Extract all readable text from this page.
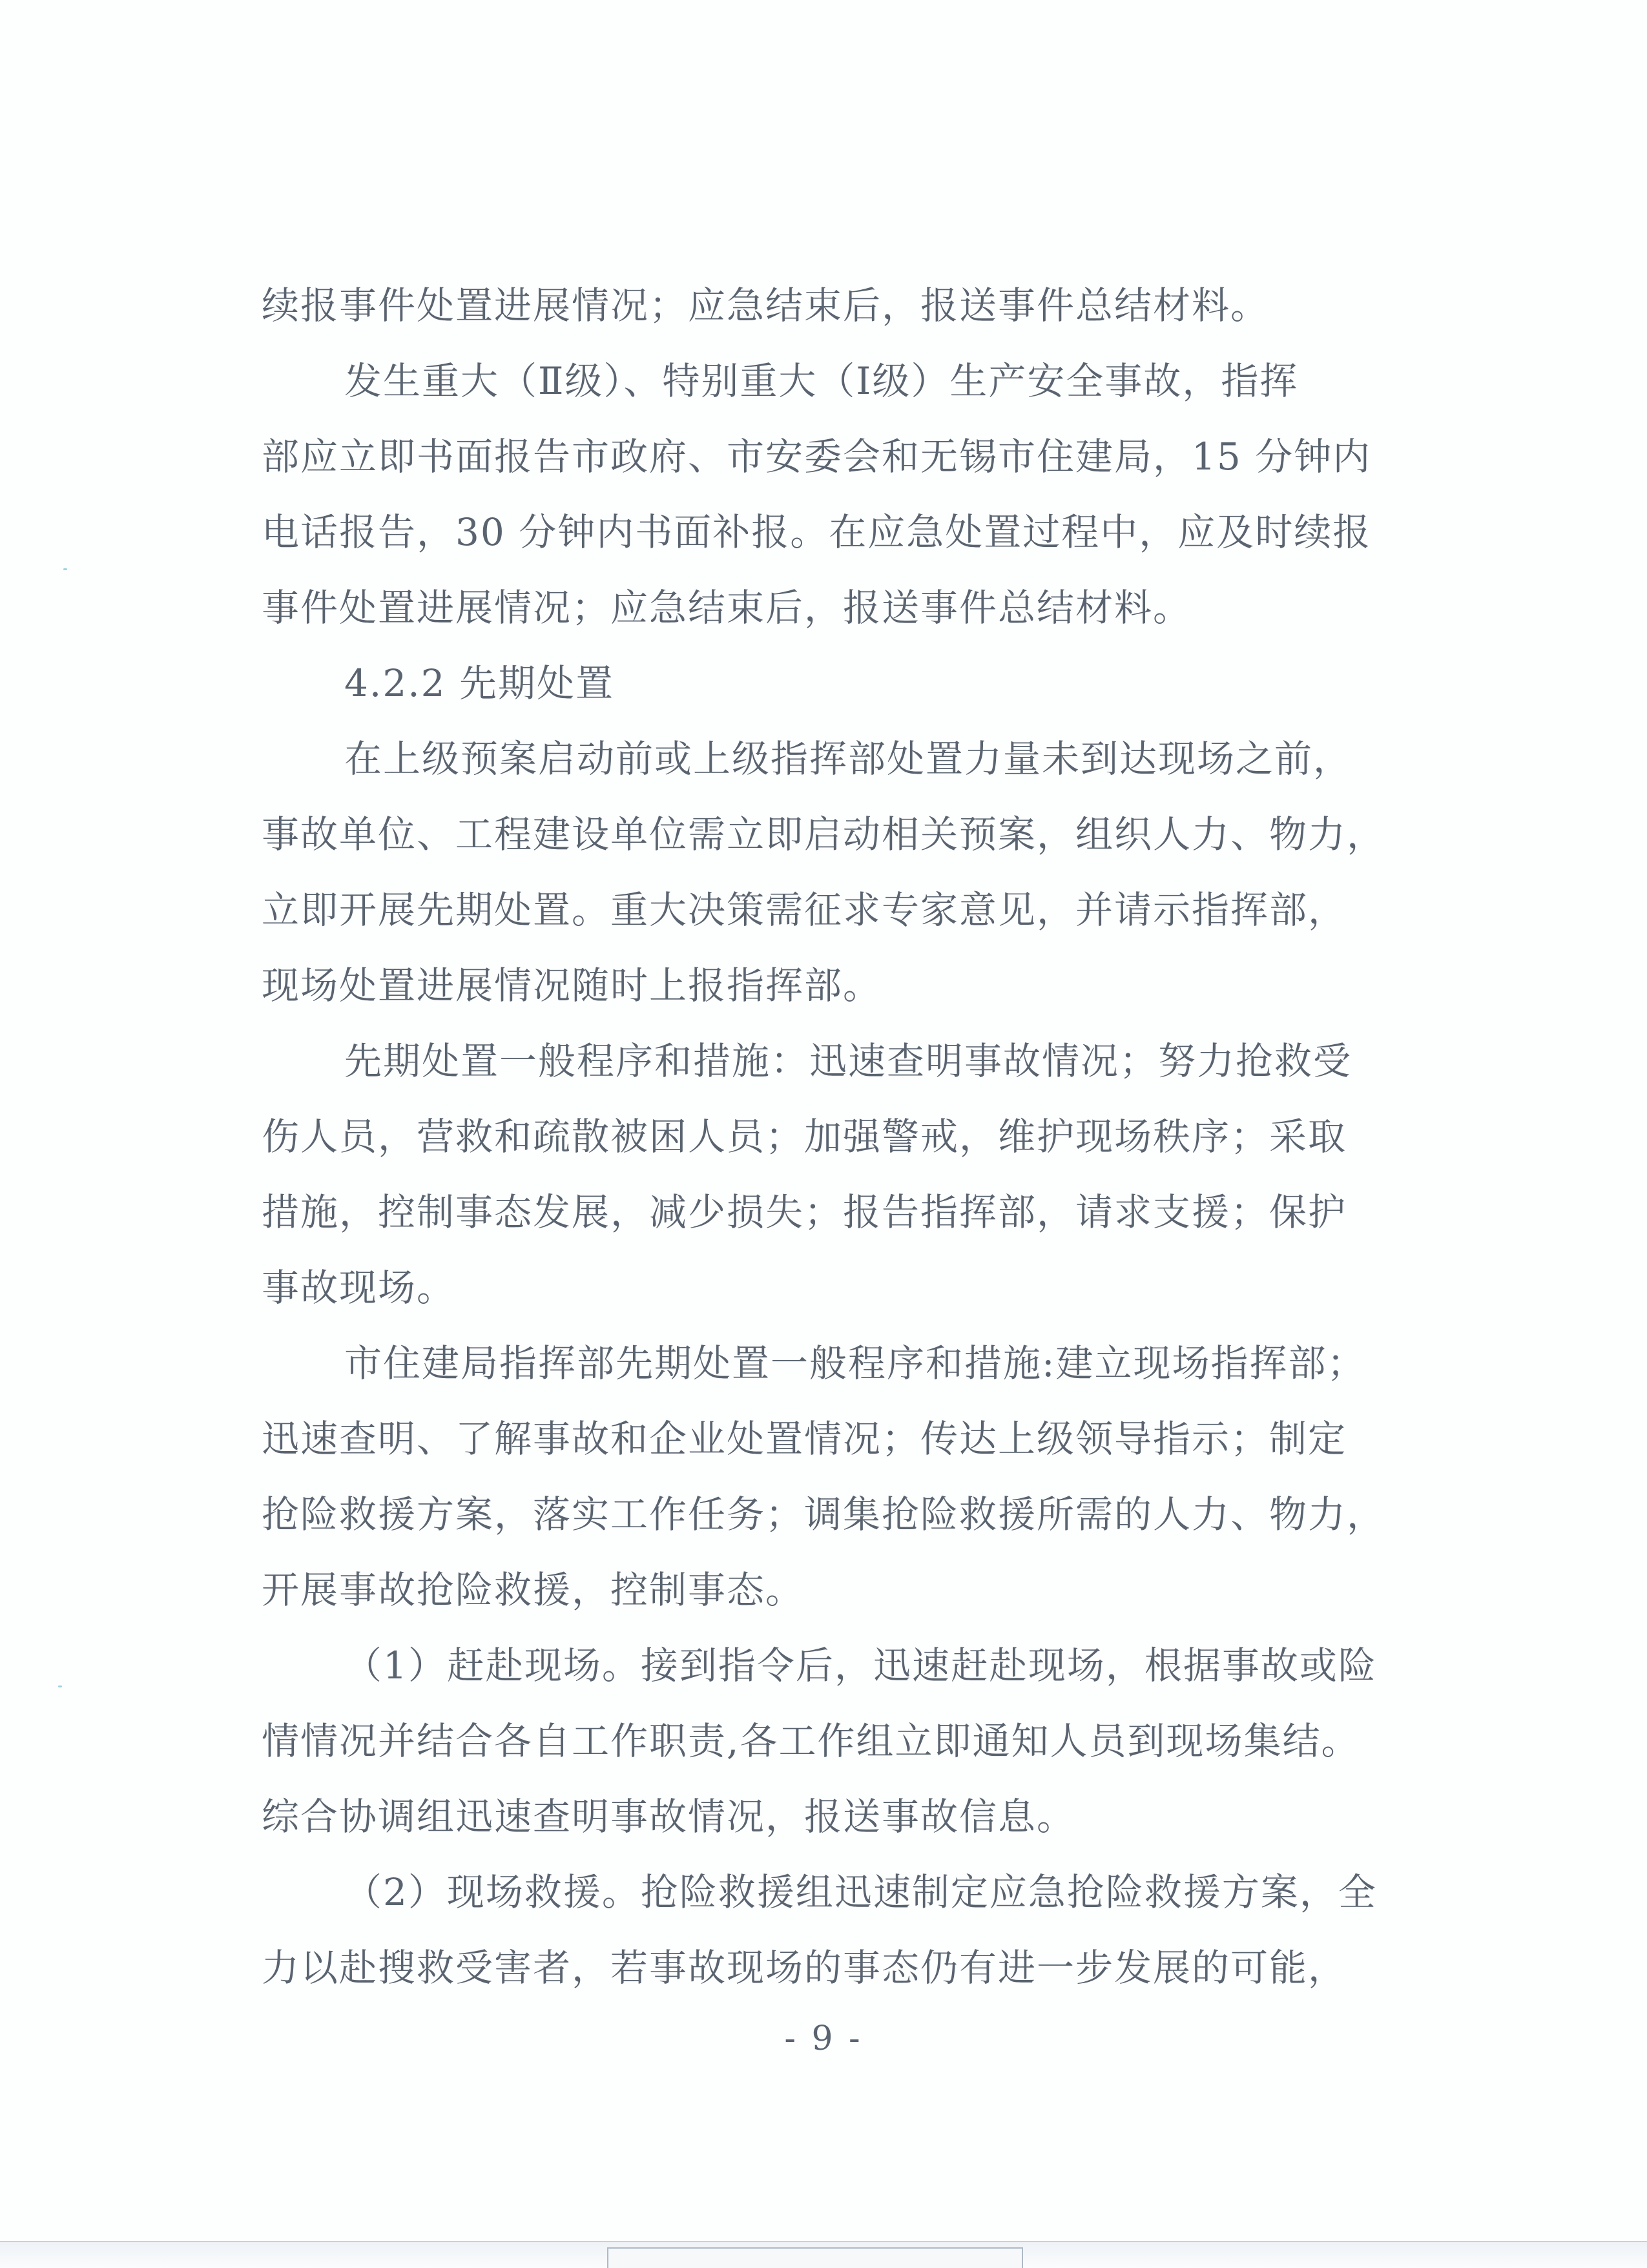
续报事件处置进展情况；应急结束后，报送事件总结材料。
发生重大（Ⅱ级）、特别重大（Ⅰ级）生产安全事故，指挥
部应立即书面报告市政府、市安委会和无锡市住建局，15 分钟内
电话报告，30 分钟内书面补报。在应急处置过程中，应及时续报
事件处置进展情况；应急结束后，报送事件总结材料。
4.2.2 先期处置
在上级预案启动前或上级指挥部处置力量未到达现场之前，
事故单位、工程建设单位需立即启动相关预案，组织人力、物力，
立即开展先期处置。重大决策需征求专家意见，并请示指挥部，
现场处置进展情况随时上报指挥部。
先期处置一般程序和措施：迅速查明事故情况；努力抢救受
伤人员，营救和疏散被困人员；加强警戒，维护现场秩序；采取
措施，控制事态发展，减少损失；报告指挥部，请求支援；保护
事故现场。
市住建局指挥部先期处置一般程序和措施:建立现场指挥部；
迅速查明、了解事故和企业处置情况；传达上级领导指示；制定
抢险救援方案，落实工作任务；调集抢险救援所需的人力、物力，
开展事故抢险救援，控制事态。
（1）赶赴现场。接到指令后，迅速赶赴现场，根据事故或险
情情况并结合各自工作职责,各工作组立即通知人员到现场集结。
综合协调组迅速查明事故情况，报送事故信息。
（2）现场救援。抢险救援组迅速制定应急抢险救援方案，全
力以赴搜救受害者，若事故现场的事态仍有进一步发展的可能，
- 9 -
